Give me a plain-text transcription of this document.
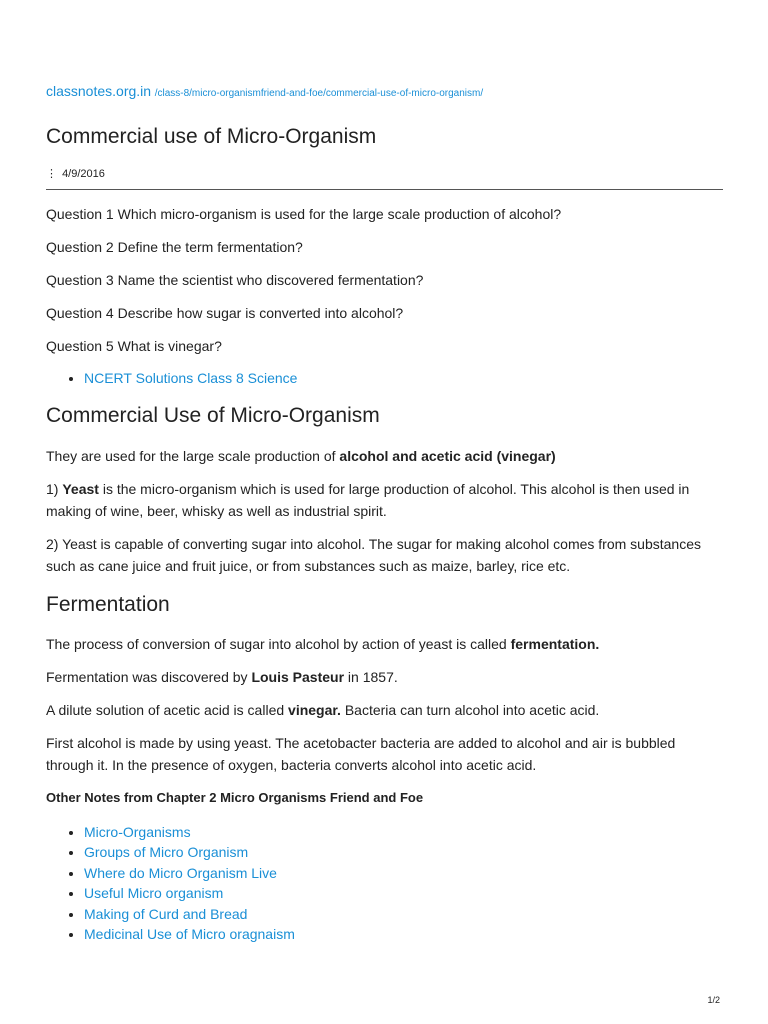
classnotes.org.in /class-8/micro-organismfriend-and-foe/commercial-use-of-micro-organism/
Commercial use of Micro-Organism
⋮ 4/9/2016

Question 1 Which micro-organism is used for the large scale production of alcohol?

Question 2 Define the term fermentation?

Question 3 Name the scientist who discovered fermentation?

Question 4 Describe how sugar is converted into alcohol?

Question 5 What is vinegar?

• NCERT Solutions Class 8 Science
Commercial Use of Micro-Organism

They are used for the large scale production of alcohol and acetic acid (vinegar)

1) Yeast is the micro-organism which is used for large production of alcohol. This alcohol is then used in making of wine, beer, whisky as well as industrial spirit.

2) Yeast is capable of converting sugar into alcohol. The sugar for making alcohol comes from substances such as cane juice and fruit juice, or from substances such as maize, barley, rice etc.

Fermentation

The process of conversion of sugar into alcohol by action of yeast is called fermentation.

Fermentation was discovered by Louis Pasteur in 1857.

A dilute solution of acetic acid is called vinegar. Bacteria can turn alcohol into acetic acid.

First alcohol is made by using yeast. The acetobacter bacteria are added to alcohol and air is bubbled through it. In the presence of oxygen, bacteria converts alcohol into acetic acid.

Other Notes from Chapter 2 Micro Organisms Friend and Foe

• Micro-Organisms
• Groups of Micro Organism
• Where do Micro Organism Live
• Useful Micro organism
• Making of Curd and Bread
• Medicinal Use of Micro oragnaism
1/2
